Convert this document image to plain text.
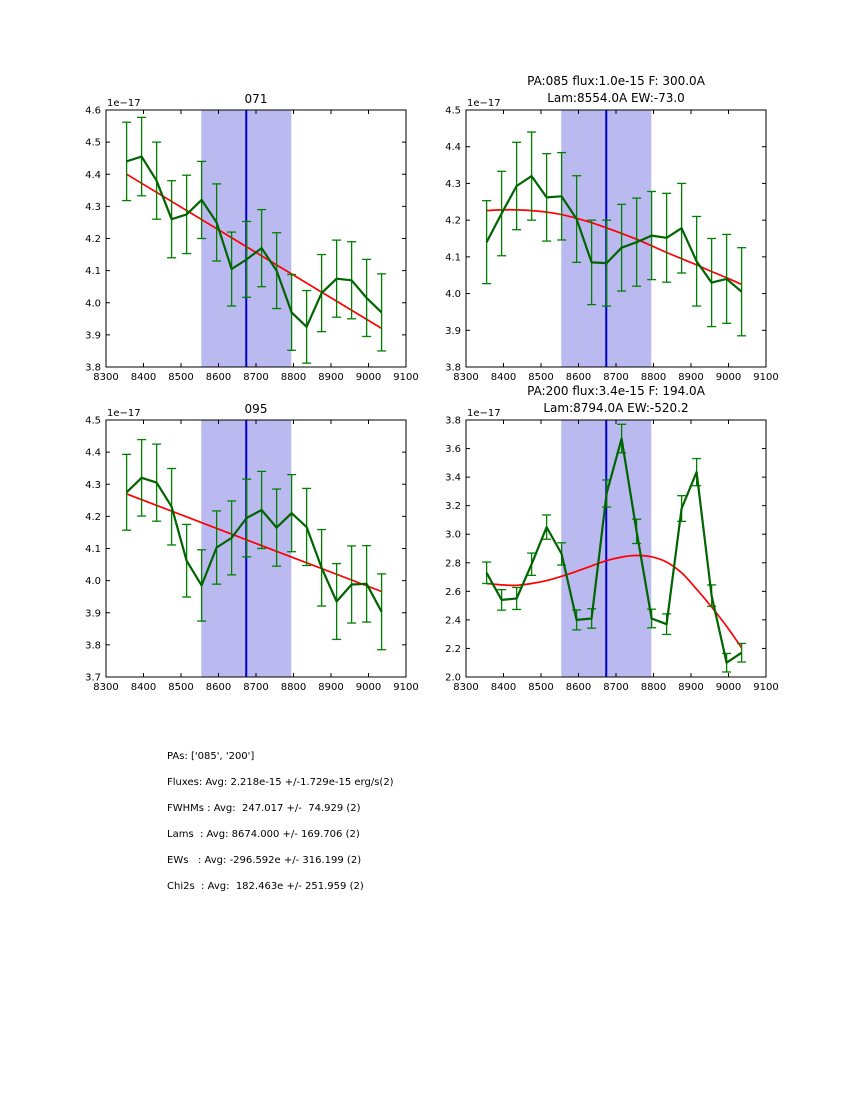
8300 8400 8500 8600 8700 8800 8900 9000 9100
3.8
3.9
4.0
4.1
4.2
4.3
4.4
4.5
4.6
1e−17	071
8300 8400 8500 8600 8700 8800 8900 9000 9100
3.8
3.9
4.0
4.1
4.2
4.3
4.4
4.5
1e−17
PA:085 flux:1.0e-15 F: 300.0A
Lam:8554.0A EW:-73.0
8300 8400 8500 8600 8700 8800 8900 9000 9100
3.7
3.8
3.9
4.0
4.1
4.2
4.3
4.4
4.5
1e−17	095
8300 8400 8500 8600 8700 8800 8900 9000 9100
2.0
2.2
2.4
2.6
2.8
3.0
3.2
3.4
3.6
3.8
1e−17
PA:200 flux:3.4e-15 F: 194.0A
Lam:8794.0A EW:-520.2
PAs: ['085', '200']
Fluxes: Avg: 2.218e-15 +/-1.729e-15 erg/s(2)
FWHMs : Avg:  247.017 +/-  74.929 (2)
Lams  : Avg: 8674.000 +/- 169.706 (2)
EWs   : Avg: -296.592e +/- 316.199 (2)
Chi2s  : Avg:  182.463e +/- 251.959 (2)
